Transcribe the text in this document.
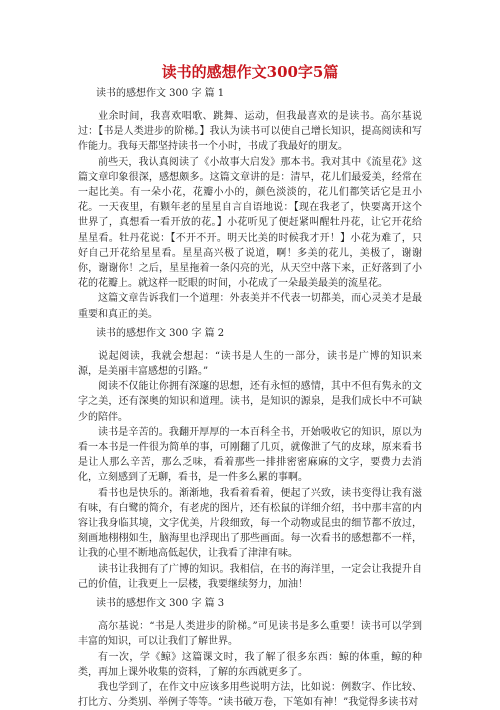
读书的感想作文300字5篇
读书的感想作文 300 字 篇 1

业余时间，我喜欢唱歌、跳舞、运动，但我最喜欢的是读书。高尔基说过：【书是人类进步的阶梯。】我认为读书可以使自己增长知识，提高阅读和写作能力。我每天都坚持读书一个小时，书成了我最好的朋友。

前些天，我认真阅读了《小故事大启发》那本书。我对其中《流星花》这篇文章印象很深，感想颇多。这篇文章讲的是：清早，花儿们最爱美，经常在一起比美。有一朵小花，花瓣小小的，颜色淡淡的，花儿们都笑话它是丑小花。一天夜里，有颗年老的星星自言自语地说：【现在我老了，快要离开这个世界了，真想看一看开放的花。】小花听见了便赶紧叫醒牡丹花，让它开花给星星看。牡丹花说：【不开不开。明天比美的时候我才开！】小花为难了，只好自己开花给星星看。星星高兴极了说道，啊！多美的花儿，美极了，谢谢你，谢谢你！之后，星星拖着一条闪亮的光，从天空中落下来，正好落到了小花的花瓣上。就这样一眨眼的时间，小花成了一朵最美最美的流星花。

这篇文章告诉我们一个道理：外表美并不代表一切都美，而心灵美才是最重要和真正的美。

读书的感想作文 300 字 篇 2

说起阅读，我就会想起：“读书是人生的一部分，读书是广博的知识来源，是美丽丰富感想的引路。”

阅读不仅能让你拥有深邃的思想，还有永恒的感情，其中不但有隽永的文字之美，还有深奥的知识和道理。读书，是知识的源泉，是我们成长中不可缺少的陪伴。

读书是辛苦的。我翻开厚厚的一本百科全书，开始吸收它的知识，原以为看一本书是一件很为简单的事，可刚翻了几页，就像泄了气的皮球，原来看书是让人那么辛苦，那么乏味，看着那些一排排密密麻麻的文字，要费力去消化，立刻感到了无聊，看书，是一件多么累的事啊。

看书也是快乐的。渐渐地，我看着看着，便起了兴致，读书变得让我有滋有味，有白鹭的简介，有老虎的图片，还有松鼠的详细介绍，书中那丰富的内容让我身临其境，文字优美，片段细致，每一个动物或昆虫的细节都不放过，刻画地栩栩如生，脑海里也浮现出了那些画面。每一次看书的感想都不一样，让我的心里不断地高低起伏，让我看了津津有味。

读书让我拥有了广博的知识。我相信，在书的海洋里，一定会让我提升自己的价值，让我更上一层楼，我要继续努力，加油！

读书的感想作文 300 字 篇 3

高尔基说：“书是人类进步的阶梯。”可见读书是多么重要！读书可以学到丰富的知识，可以让我们了解世界。

有一次，学《鲸》这篇课文时，我了解了很多东西：鲸的体重，鲸的种类，再加上课外收集的资料，了解的东西就更多了。

我也学到了，在作文中应该多用些说明方法，比如说：例数字、作比较、打比方、分类别、举例子等等。“读书破万卷，下笔如有神！”我觉得多读书对
